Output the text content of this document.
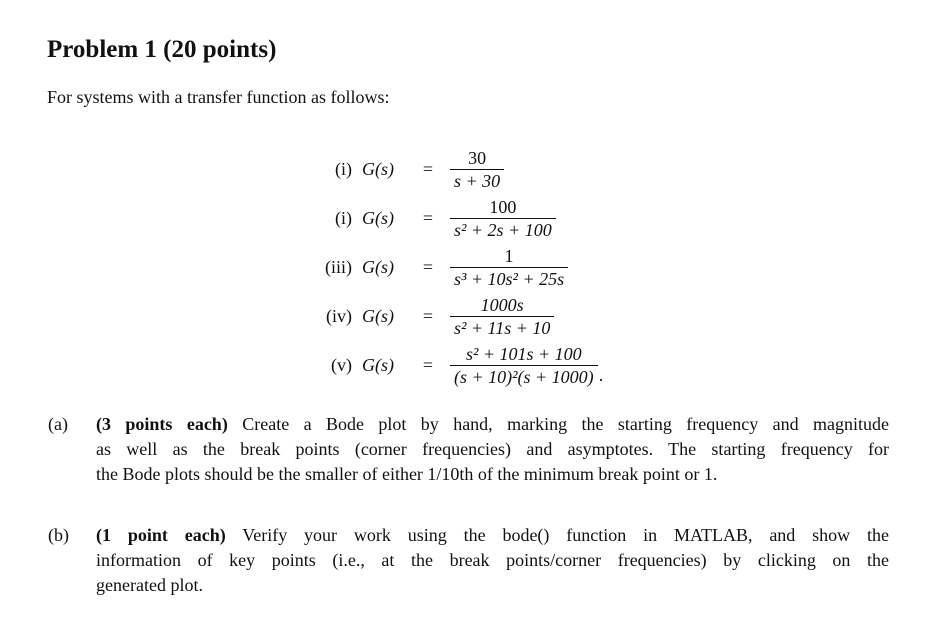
Problem 1 (20 points)
For systems with a transfer function as follows:
(i) G(s)	= $\frac{30}{s + 30}$
(i) G(s)	= $\frac{100}{\text{s² + 2s + 100}}$
(iii) G(s)	= $\frac{1}{\text{s³ + 10s² + 25s}}$
(iv) G(s)	= $\frac{1000s}{\text{s² + 11s + 10}}$
(v) G(s)	= $\frac{\text{s² + 101s + 100}}{\text{(s + 10)²(s + 1000)}}$ .
(a) (3 points each) Create a Bode plot by hand, marking the starting frequency and magnitude
as well as the break points (corner frequencies) and asymptotes. The starting frequency for
the Bode plots should be the smaller of either 1/10th of the minimum break point or 1.
(b) (1 point each) Verify your work using the bode() function in MATLAB, and show the
information of key points (i.e., at the break points/corner frequencies) by clicking on the
generated plot.
